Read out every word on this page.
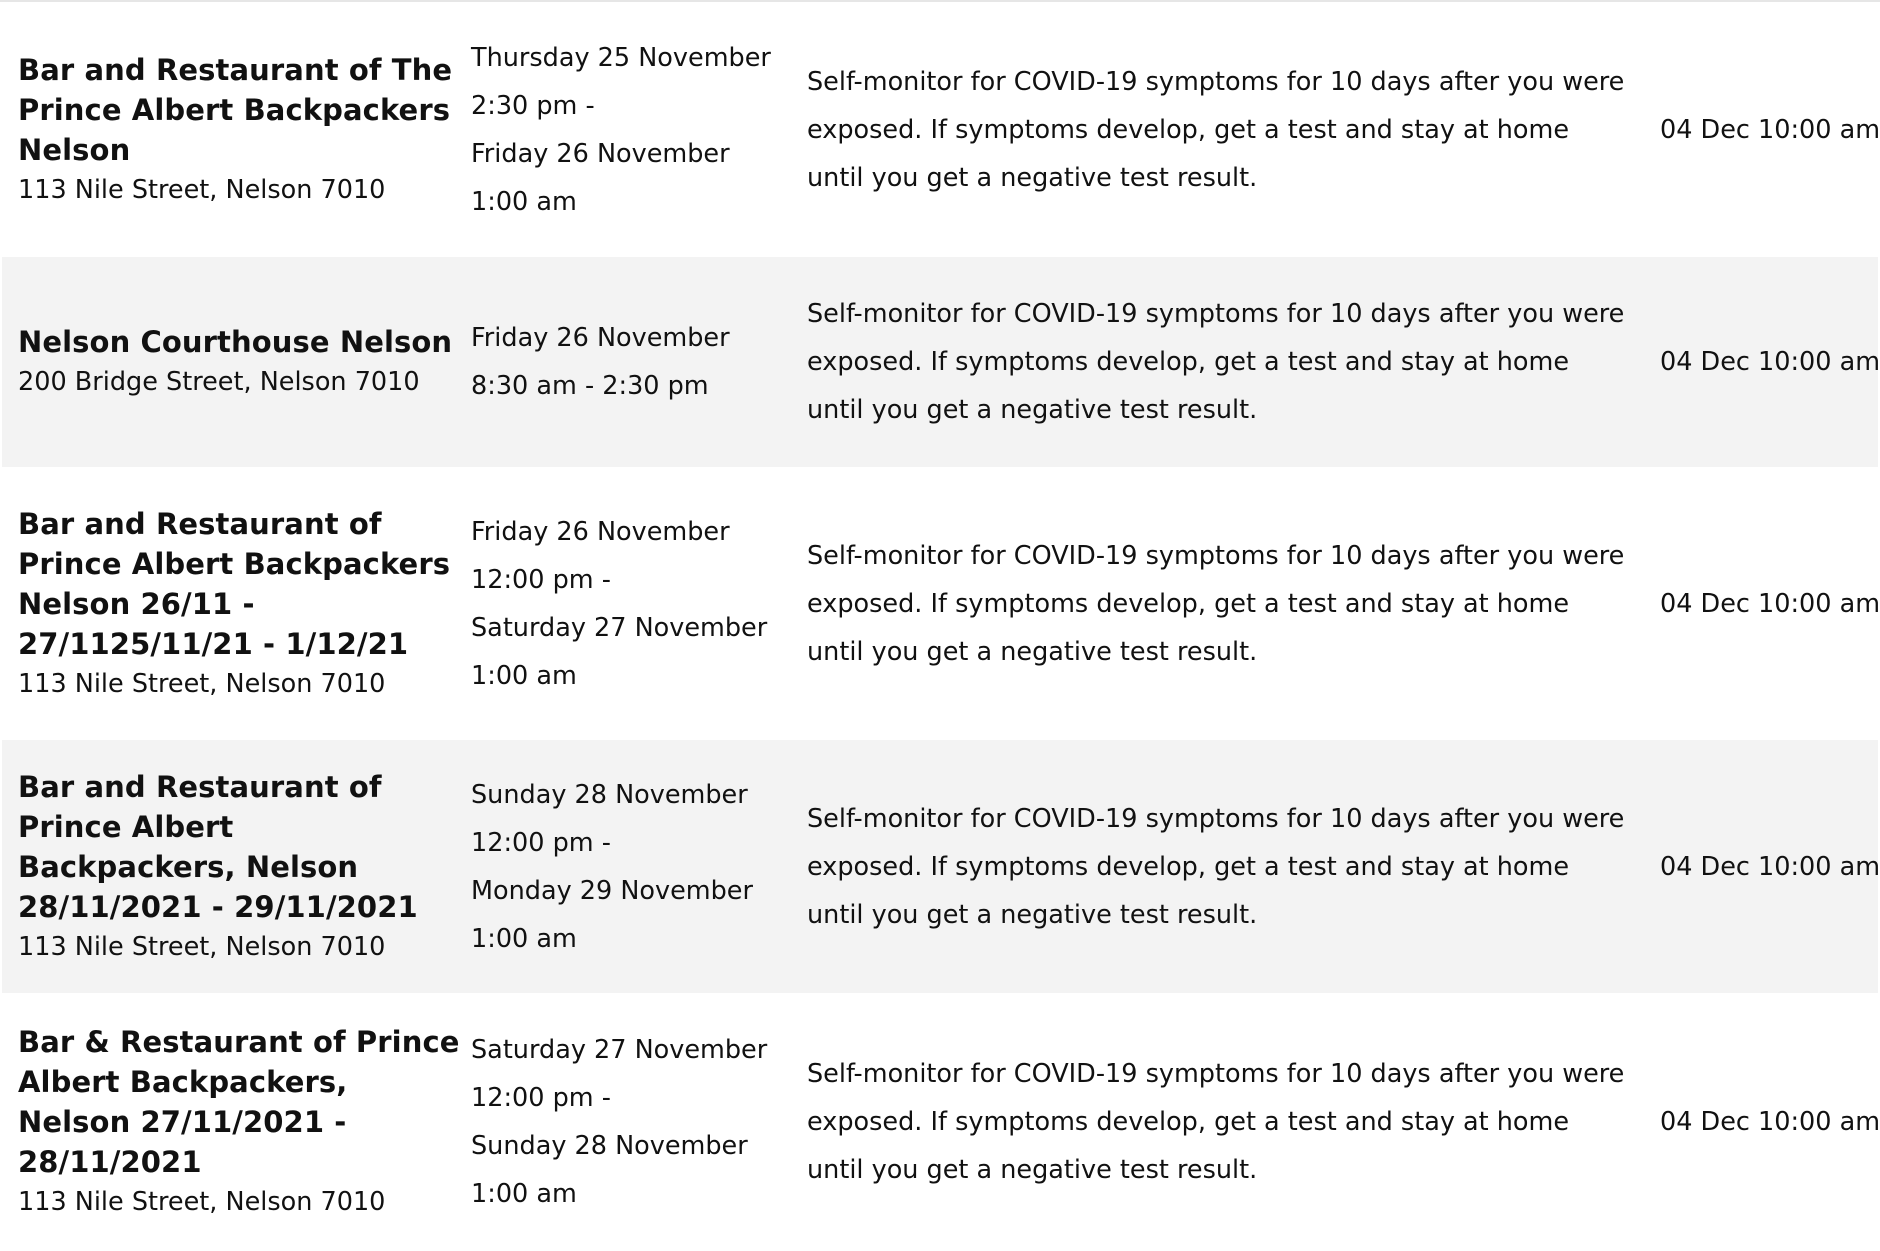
Bar and Restaurant of The Prince Albert Backpackers Nelson
113 Nile Street, Nelson 7010
Thursday 25 November
2:30 pm -
Friday 26 November
1:00 am
Self-monitor for COVID-19 symptoms for 10 days after you were exposed. If symptoms develop, get a test and stay at home until you get a negative test result.
04 Dec 10:00 am
Nelson Courthouse Nelson
200 Bridge Street, Nelson 7010
Friday 26 November
8:30 am - 2:30 pm
Self-monitor for COVID-19 symptoms for 10 days after you were exposed. If symptoms develop, get a test and stay at home until you get a negative test result.
04 Dec 10:00 am
Bar and Restaurant of Prince Albert Backpackers Nelson 26/11 - 27/1125/11/21 - 1/12/21
113 Nile Street, Nelson 7010
Friday 26 November
12:00 pm -
Saturday 27 November
1:00 am
Self-monitor for COVID-19 symptoms for 10 days after you were exposed. If symptoms develop, get a test and stay at home until you get a negative test result.
04 Dec 10:00 am
Bar and Restaurant of Prince Albert Backpackers, Nelson 28/11/2021 - 29/11/2021
113 Nile Street, Nelson 7010
Sunday 28 November
12:00 pm -
Monday 29 November
1:00 am
Self-monitor for COVID-19 symptoms for 10 days after you were exposed. If symptoms develop, get a test and stay at home until you get a negative test result.
04 Dec 10:00 am
Bar & Restaurant of Prince Albert Backpackers, Nelson 27/11/2021 - 28/11/2021
113 Nile Street, Nelson 7010
Saturday 27 November
12:00 pm -
Sunday 28 November
1:00 am
Self-monitor for COVID-19 symptoms for 10 days after you were exposed. If symptoms develop, get a test and stay at home until you get a negative test result.
04 Dec 10:00 am
